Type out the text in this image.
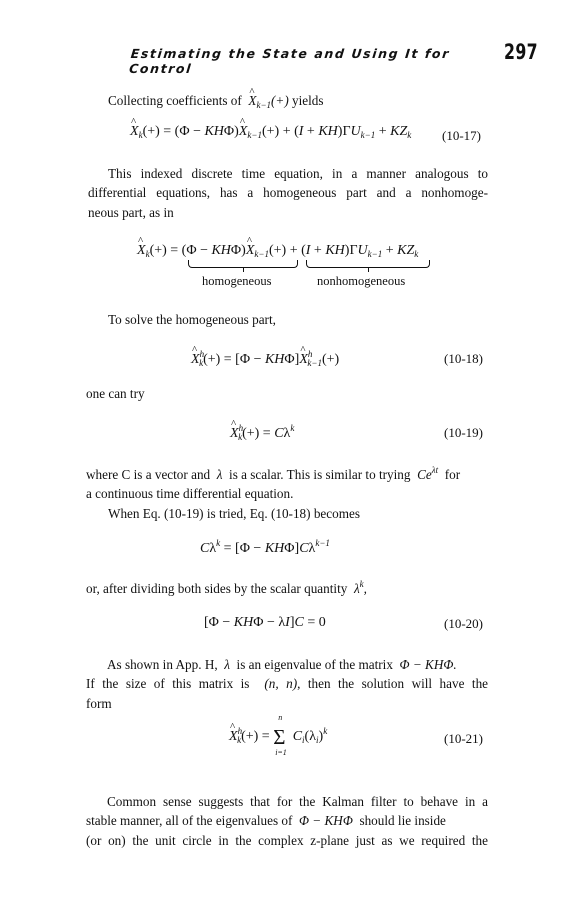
Estimating the State and Using It for Control
297
Collecting coefficients of  ^ $X_{k-1}(+)$ yields
^ $X_k(+) = (\Phi$ − KHΦ)^ $X_{k-1}(+) + (I + KH)\Gamma U_{k-1} + KZ_k$ (10-17)
This indexed discrete time equation, in a manner analogous to
differential equations, has a homogeneous part and a nonhomoge-
neous part, as in
^ $X_k(+) = (\Phi$ − KHΦ)^ $X_{k-1}(+) + (I + KH)\Gamma U_{k-1} + KZ_k$
homogeneous	nonhomogeneous
To solve the homogeneous part,
^ $X^h_k(+) = [\Phi$ − KHΦ]^ $X^h_{k-1}(+)$	(10-18)
one can try
^ $X^h_k(+) = C\lambda^k$	(10-19)
where C is a vector and  λ  is a scalar. This is similar to trying  $Ce^{\lambda t}$ for
a continuous time differential equation.
When Eq. (10-19) is tried, Eq. (10-18) becomes
$C\lambda^k = [\Phi - KH\Phi]C\lambda^{k-1}$
or, after dividing both sides by the scalar quantity  $\lambda^k$,
[Φ − KHΦ − λI]C = 0	(10-20)
As shown in App. H,  λ  is an eigenvalue of the matrix  Φ − KHΦ.
If the size of this matrix is  (n, n), then the solution will have the
form
^ $X^h_k(+)$ =
n
Σ
i=1
$C_i(\lambda_i)^k$	(10-21)
Common sense suggests that for the Kalman filter to behave in a
stable manner, all of the eigenvalues of  Φ − KHΦ  should lie inside
(or on) the unit circle in the complex z-plane just as we required the
